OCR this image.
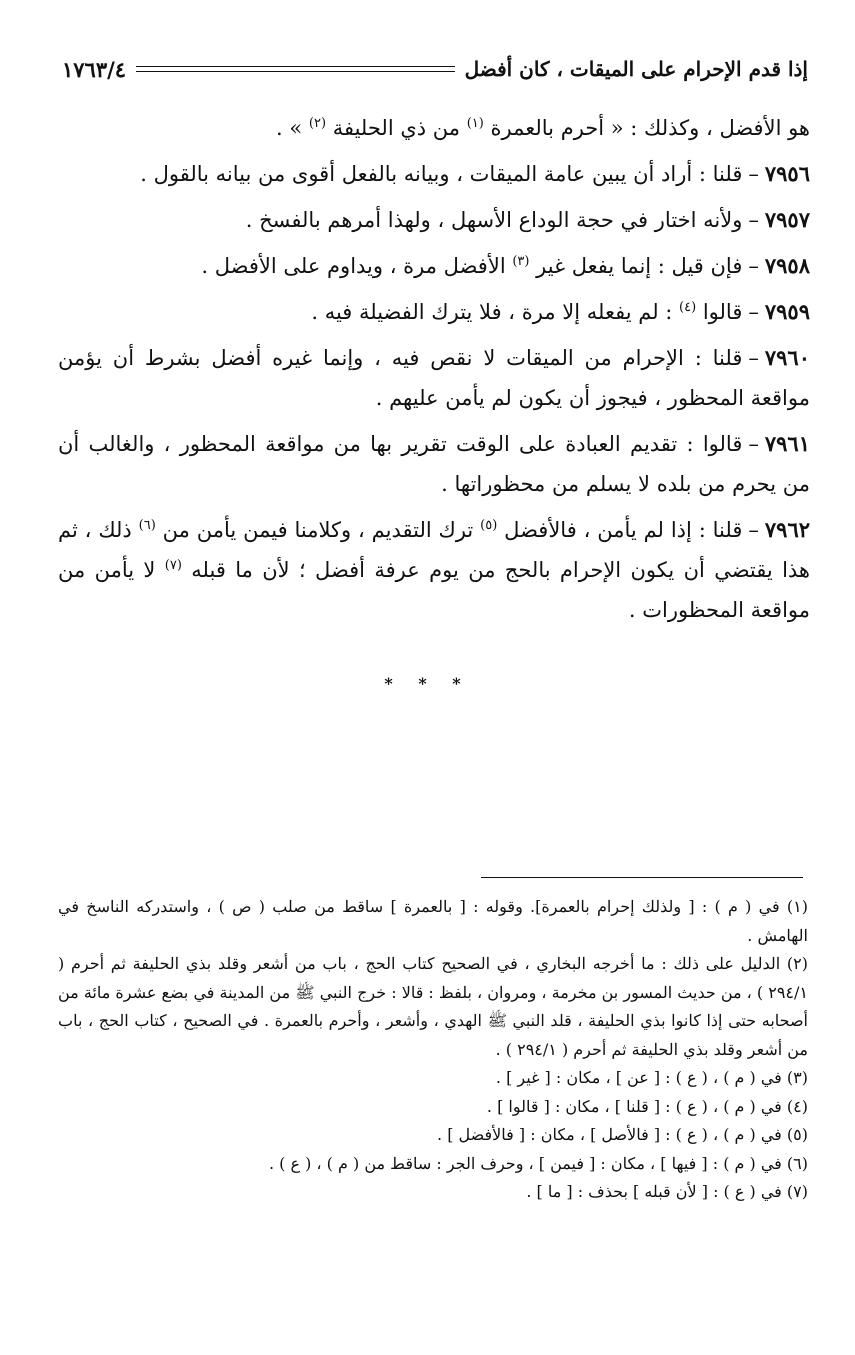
إذا قدم الإحرام على الميقات ، كان أفضل
١٧٦٣/٤

هو الأفضل ، وكذلك : « أحرم بالعمرة $^{(١)}$ من ذي الحليفة $^{(٢)}$ » .

٧٩٥٦–قلنا : أراد أن يبين عامة الميقات ، وبيانه بالفعل أقوى من بيانه بالقول .

٧٩٥٧–ولأنه اختار في حجة الوداع الأسهل ، ولهذا أمرهم بالفسخ .

٧٩٥٨–فإن قيل : إنما يفعل غير $^{(٣)}$ الأفضل مرة ، ويداوم على الأفضل .

٧٩٥٩–قالوا $^{(٤)}$ : لم يفعله إلا مرة ، فلا يترك الفضيلة فيه .

٧٩٦٠–قلنا : الإحرام من الميقات لا نقص فيه ، وإنما غيره أفضل بشرط أن يؤمن مواقعة المحظور ، فيجوز أن يكون لم يأمن عليهم .

٧٩٦١–قالوا : تقديم العبادة على الوقت تقرير بها من مواقعة المحظور ، والغالب أن من يحرم من بلده لا يسلم من محظوراتها .

٧٩٦٢–قلنا : إذا لم يأمن ، فالأفضل $^{(٥)}$ ترك التقديم ، وكلامنا فيمن يأمن من $^{(٦)}$ ذلك ، ثم هذا يقتضي أن يكون الإحرام بالحج من يوم عرفة أفضل ؛ لأن ما قبله $^{(٧)}$ لا يأمن من مواقعة المحظورات .

* * *

(١) في ( م ) : [ ولذلك إحرام بالعمرة]. وقوله : [ بالعمرة ] ساقط من صلب ( ص ) ، واستدركه الناسخ في الهامش .

(٢) الدليل على ذلك : ما أخرجه البخاري ، في الصحيح كتاب الحج ، باب من أشعر وقلد بذي الحليفة ثم أحرم ( ٢٩٤/١ ) ، من حديث المسور بن مخرمة ، ومروان ، بلفظ : قالا : خرج النبي ﷺ من المدينة في بضع عشرة مائة من أصحابه حتى إذا كانوا بذي الحليفة ، قلد النبي ﷺ الهدي ، وأشعر ، وأحرم بالعمرة . في الصحيح ، كتاب الحج ، باب من أشعر وقلد بذي الحليفة ثم أحرم ( ٢٩٤/١ ) .

(٣) في ( م ) ، ( ع ) : [ عن ] ، مكان : [ غير ] .

(٤) في ( م ) ، ( ع ) : [ قلنا ] ، مكان : [ قالوا ] .

(٥) في ( م ) ، ( ع ) : [ فالأصل ] ، مكان : [ فالأفضل ] .

(٦) في ( م ) : [ فيها ] ، مكان : [ فيمن ] ، وحرف الجر : ساقط من ( م ) ، ( ع ) .

(٧) في ( ع ) : [ لأن قبله ] بحذف : [ ما ] .
